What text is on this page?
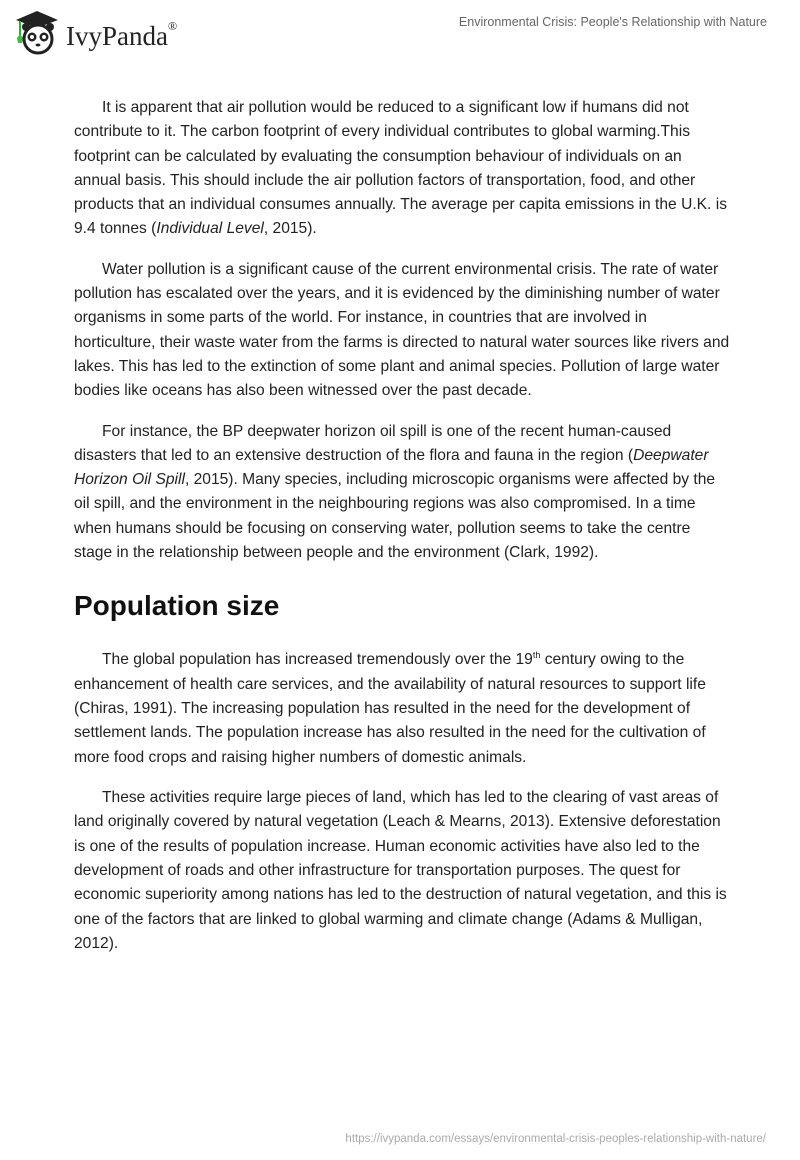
IvyPanda®	Environmental Crisis: People's Relationship with Nature

It is apparent that air pollution would be reduced to a significant low if humans did not contribute to it. The carbon footprint of every individual contributes to global warming.This footprint can be calculated by evaluating the consumption behaviour of individuals on an annual basis. This should include the air pollution factors of transportation, food, and other products that an individual consumes annually. The average per capita emissions in the U.K. is 9.4 tonnes (Individual Level, 2015).

Water pollution is a significant cause of the current environmental crisis. The rate of water pollution has escalated over the years, and it is evidenced by the diminishing number of water organisms in some parts of the world. For instance, in countries that are involved in horticulture, their waste water from the farms is directed to natural water sources like rivers and lakes. This has led to the extinction of some plant and animal species. Pollution of large water bodies like oceans has also been witnessed over the past decade.

For instance, the BP deepwater horizon oil spill is one of the recent human-caused disasters that led to an extensive destruction of the flora and fauna in the region (Deepwater Horizon Oil Spill, 2015). Many species, including microscopic organisms were affected by the oil spill, and the environment in the neighbouring regions was also compromised. In a time when humans should be focusing on conserving water, pollution seems to take the centre stage in the relationship between people and the environment (Clark, 1992).

Population size

The global population has increased tremendously over the 19th century owing to the enhancement of health care services, and the availability of natural resources to support life (Chiras, 1991). The increasing population has resulted in the need for the development of settlement lands. The population increase has also resulted in the need for the cultivation of more food crops and raising higher numbers of domestic animals.

These activities require large pieces of land, which has led to the clearing of vast areas of land originally covered by natural vegetation (Leach & Mearns, 2013). Extensive deforestation is one of the results of population increase. Human economic activities have also led to the development of roads and other infrastructure for transportation purposes. The quest for economic superiority among nations has led to the destruction of natural vegetation, and this is one of the factors that are linked to global warming and climate change (Adams & Mulligan, 2012).

https://ivypanda.com/essays/environmental-crisis-peoples-relationship-with-nature/
